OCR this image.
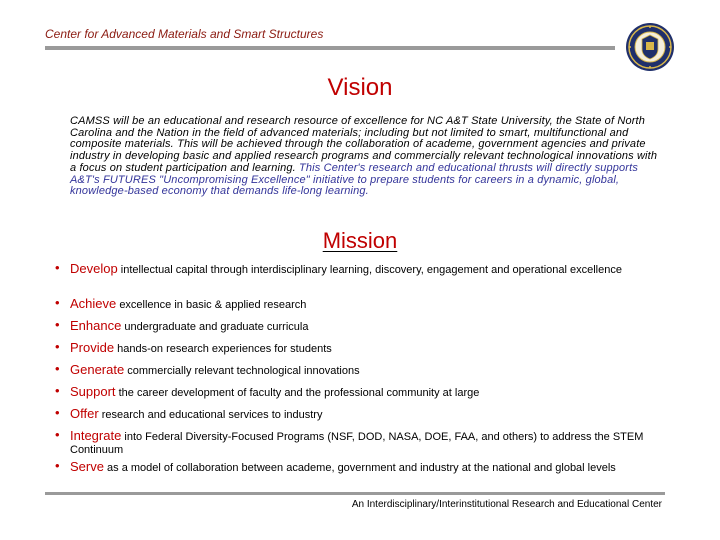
Center for Advanced Materials and Smart Structures
Vision
CAMSS will be an educational and research resource of excellence for NC A&T State University, the State of North Carolina and the Nation in the field of advanced materials; including but not limited to smart, multifunctional and composite materials. This will be achieved through the collaboration of academe, government agencies and private industry in developing basic and applied research programs and commercially relevant technological innovations with a focus on student participation and learning. This Center's research and educational thrusts will directly supports A&T's FUTURES "Uncompromising Excellence" initiative to prepare students for careers in a dynamic, global, knowledge-based economy that demands life-long learning.
Mission
• Develop intellectual capital through interdisciplinary learning, discovery, engagement and operational excellence
• Achieve excellence in basic & applied research
• Enhance undergraduate and graduate curricula
• Provide hands-on research experiences for students
• Generate commercially relevant technological innovations
• Support the career development of faculty and the professional community at large
• Offer research and educational services to industry
• Integrate into Federal Diversity-Focused Programs (NSF, DOD, NASA, DOE, FAA, and others) to address the STEM Continuum
• Serve as a model of collaboration between academe, government and industry at the national and global levels
An Interdisciplinary/Interinstitutional Research and Educational Center
